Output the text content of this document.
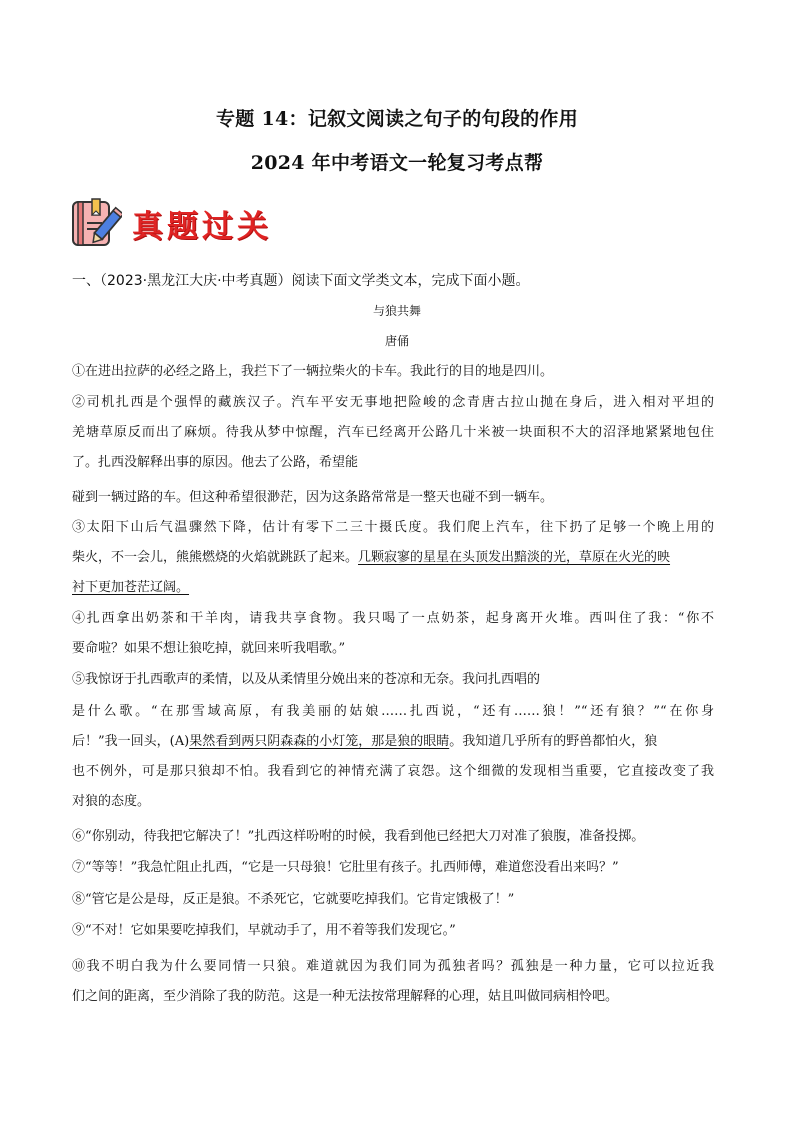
专题 14：记叙文阅读之句子的句段的作用
2024 年中考语文一轮复习考点帮
真题过关
一、（2023·黑龙江大庆·中考真题）阅读下面文学类文本，完成下面小题。
与狼共舞
唐俑
①在进出拉萨的必经之路上，我拦下了一辆拉柴火的卡车。我此行的目的地是四川。
②司机扎西是个强悍的藏族汉子。汽车平安无事地把险峻的念青唐古拉山抛在身后，进入相对平坦的
羌塘草原反而出了麻烦。待我从梦中惊醒，汽车已经离开公路几十米被一块面积不大的沼泽地紧紧地包住
了。扎西没解释出事的原因。他去了公路，希望能
碰到一辆过路的车。但这种希望很渺茫，因为这条路常常是一整天也碰不到一辆车。
③太阳下山后气温骤然下降，估计有零下二三十摄氏度。我们爬上汽车，往下扔了足够一个晚上用的
柴火，不一会儿，熊熊燃烧的火焰就跳跃了起来。几颗寂寥的星星在头顶发出黯淡的光，草原在火光的映
衬下更加苍茫辽阔。
④扎西拿出奶茶和干羊肉，请我共享食物。我只喝了一点奶茶，起身离开火堆。西叫住了我：“你不
要命啦？如果不想让狼吃掉，就回来听我唱歌。”
⑤我惊讶于扎西歌声的柔情，以及从柔情里分娩出来的苍凉和无奈。我问扎西唱的
是什么歌。“在那雪域高原，有我美丽的姑娘……扎西说，“还有……狼！”“还有狼？”“在你身
后！”我一回头，(A)果然看到两只阴森森的小灯笼，那是狼的眼睛。我知道几乎所有的野兽都怕火，狼
也不例外，可是那只狼却不怕。我看到它的神情充满了哀怨。这个细微的发现相当重要，它直接改变了我
对狼的态度。
⑥“你别动，待我把它解决了！”扎西这样吩咐的时候，我看到他已经把大刀对准了狼腹，准备投掷。
⑦“等等！”我急忙阻止扎西，“它是一只母狼！它肚里有孩子。扎西师傅，难道您没看出来吗？”
⑧“管它是公是母，反正是狼。不杀死它，它就要吃掉我们。它肯定饿极了！”
⑨“不对！它如果要吃掉我们，早就动手了，用不着等我们发现它。”
⑩我不明白我为什么要同情一只狼。难道就因为我们同为孤独者吗？孤独是一种力量，它可以拉近我
们之间的距离，至少消除了我的防范。这是一种无法按常理解释的心理，姑且叫做同病相怜吧。
